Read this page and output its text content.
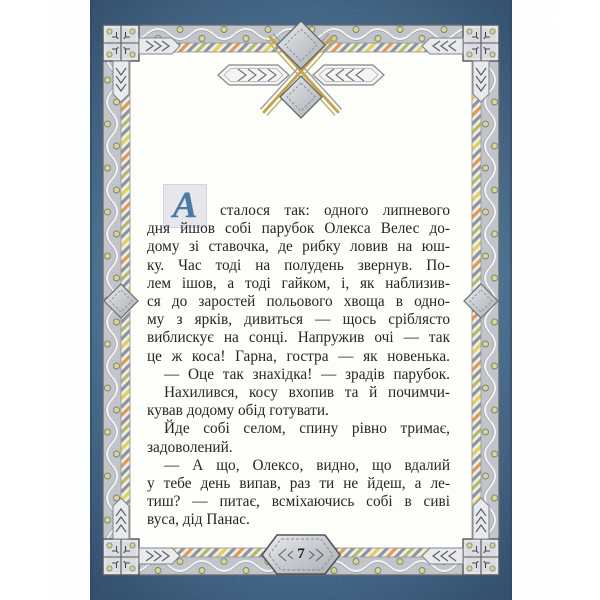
А	сталося так: одного липневого
дня йшов собі парубок Олекса Велес до-
дому зі ставочка, де рибку ловив на юш-
ку. Час тоді на полудень звернув. По-
лем ішов, а тоді гайком, і, як наблизив-
ся до заростей польового хвоща в одно-
му з ярків, дивиться — щось сріблясто
виблискує на сонці. Напружив очі — так
це ж коса! Гарна, гостра — як новенька.
— Оце так знахідка! — зрадів парубок.
Нахилився, косу вхопив та й почимчи-
кував додому обід готувати.
Йде собі селом, спину рівно тримає,
задоволений.
— А що, Олексо, видно, що вдалий
у тебе день випав, раз ти не йдеш, а ле-
тиш? — питає, всміхаючись собі в сиві
вуса, дід Панас.
7
